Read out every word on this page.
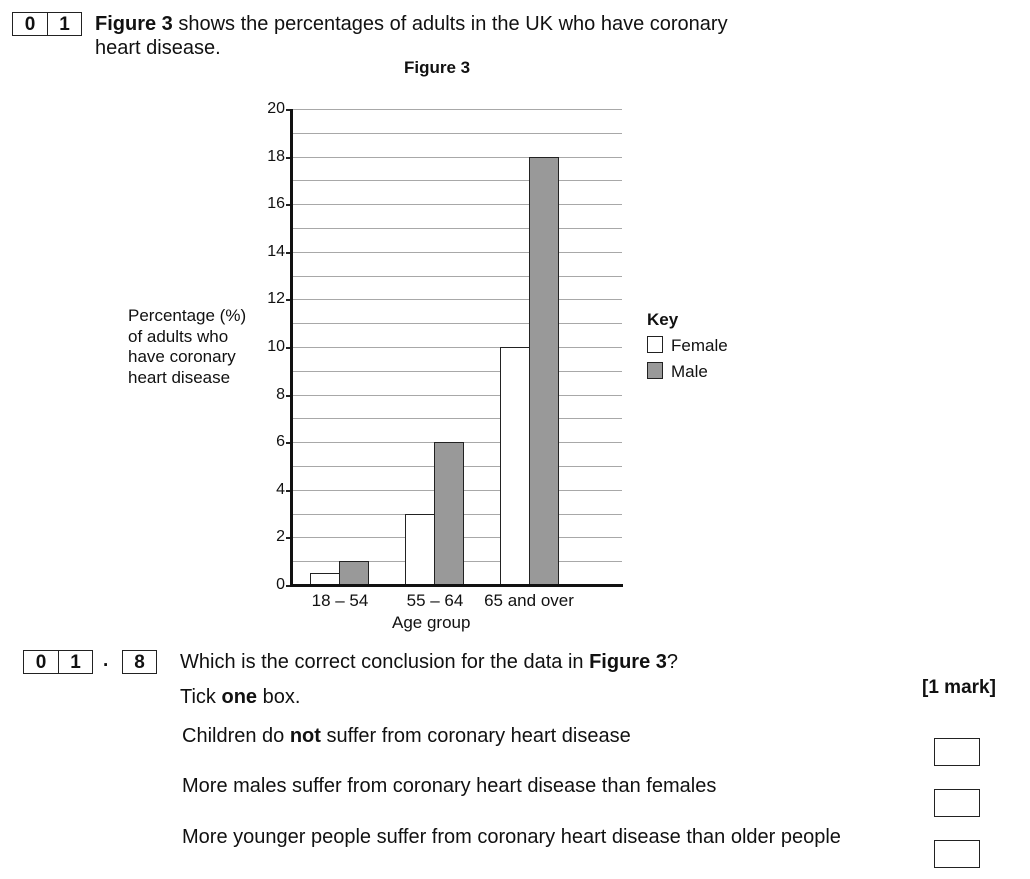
0 1	Figure 3 shows the percentages of adults in the UK who have coronary
heart disease.
Figure 3
Percentage (%)
of adults who
have coronary
heart disease
0
2
4
6
8
10
12
14
16
18
20
18 – 54 55 – 64	65 and over
Age group
Key
Female
Male
0 1	.	8	Which is the correct conclusion for the data in Figure 3?
Tick one box.	[1 mark]
Children do not suffer from coronary heart disease
More males suffer from coronary heart disease than females
More younger people suffer from coronary heart disease than older people
